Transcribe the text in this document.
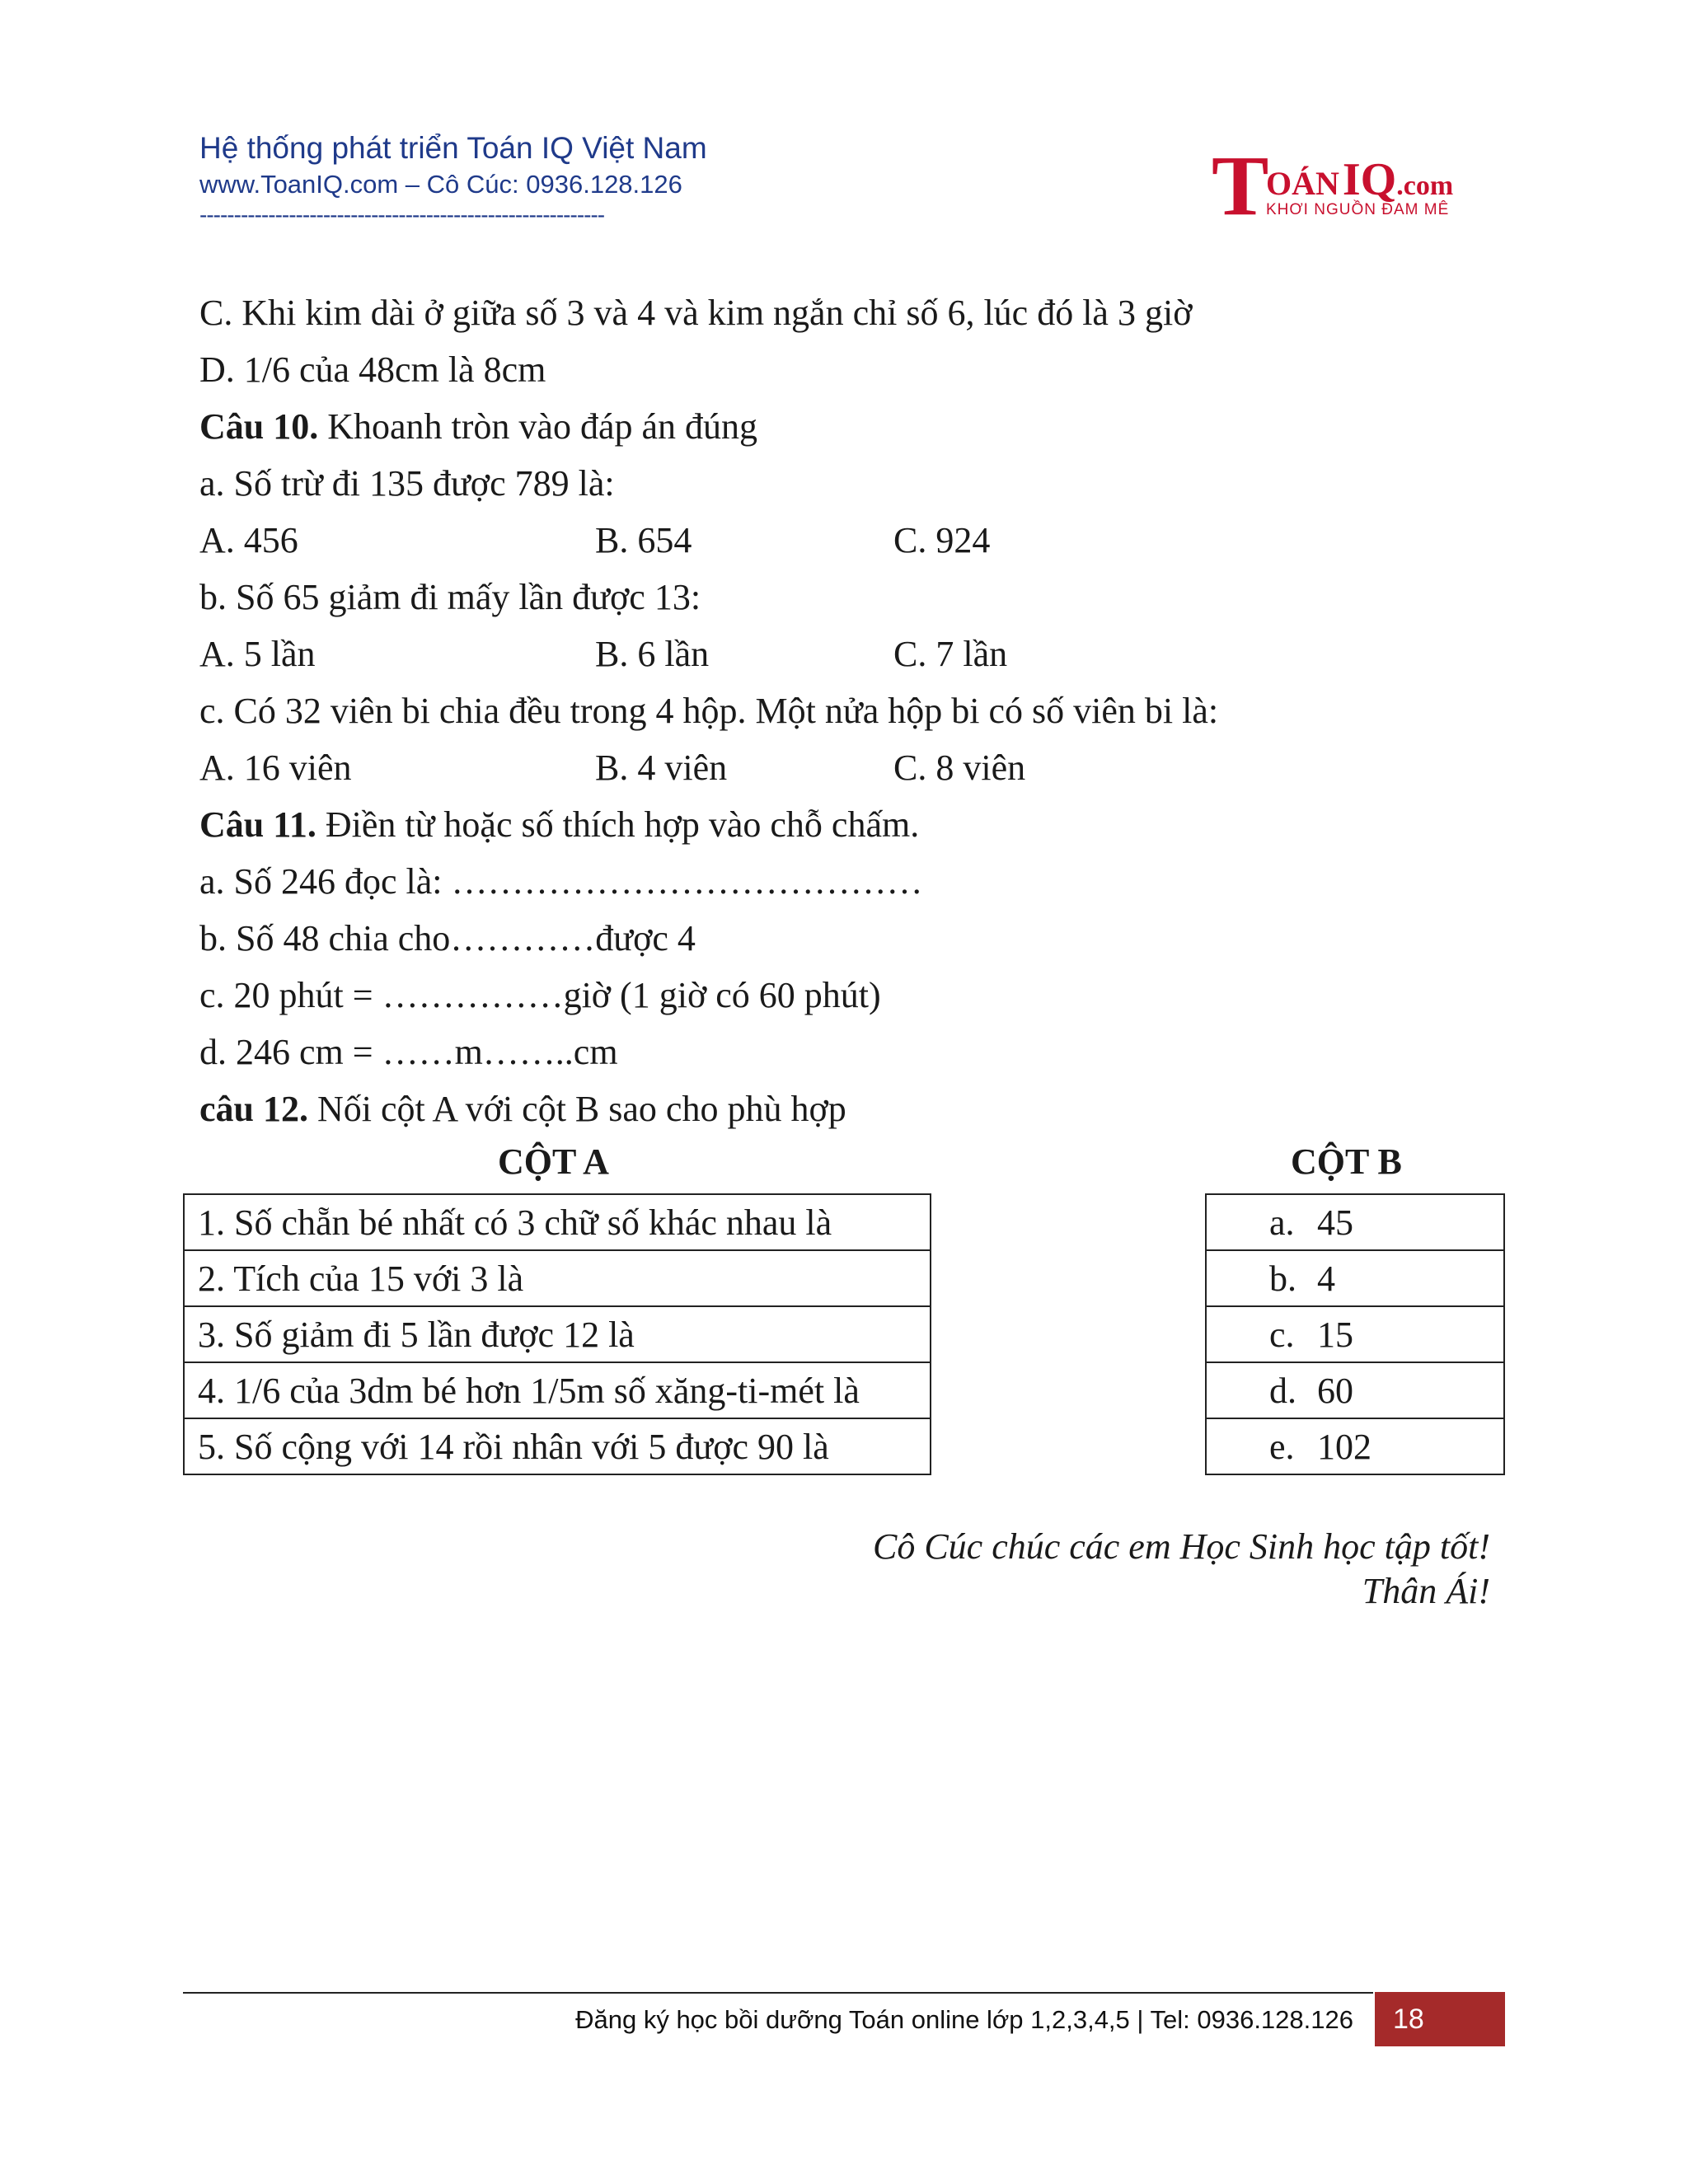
Hệ thống phát triển Toán IQ Việt Nam
www.ToanIQ.com – Cô Cúc: 0936.128.126
-----------------------------------------------------------	T
OÁN IQ.com
KHƠI NGUỒN ĐAM MÊ
C. Khi kim dài ở giữa số 3 và 4 và kim ngắn chỉ số 6, lúc đó là 3 giờ
D. 1/6 của 48cm là 8cm
Câu 10. Khoanh tròn vào đáp án đúng
a. Số trừ đi 135 được 789 là:
A. 456	B. 654	C. 924
b. Số 65 giảm đi mấy lần được 13:
A. 5 lần	B. 6 lần	C. 7 lần
c. Có 32 viên bi chia đều trong 4 hộp. Một nửa hộp bi có số viên bi là:
A. 16 viên	B. 4 viên	C. 8 viên
Câu 11. Điền từ hoặc số thích hợp vào chỗ chấm.
a. Số 246 đọc là: …………………………………
b. Số 48 chia cho…………được 4
c. 20 phút = ……………giờ (1 giờ có 60 phút)
d. 246 cm = ……m……..cm
câu 12. Nối cột A với cột B sao cho phù hợp
CỘT A	CỘT B
1. Số chẵn bé nhất có 3 chữ số khác nhau là
2. Tích của 15 với 3 là
3. Số giảm đi 5 lần được 12 là
4. 1/6 của 3dm bé hơn 1/5m số xăng-ti-mét là
5. Số cộng với 14 rồi nhân với 5 được 90 là
a. 45
b. 4
c. 15
d. 60
e. 102
Cô Cúc chúc các em Học Sinh học tập tốt!
Thân Ái!
Đăng ký học bồi dưỡng Toán online lớp 1,2,3,4,5 | Tel: 0936.128.126	18
